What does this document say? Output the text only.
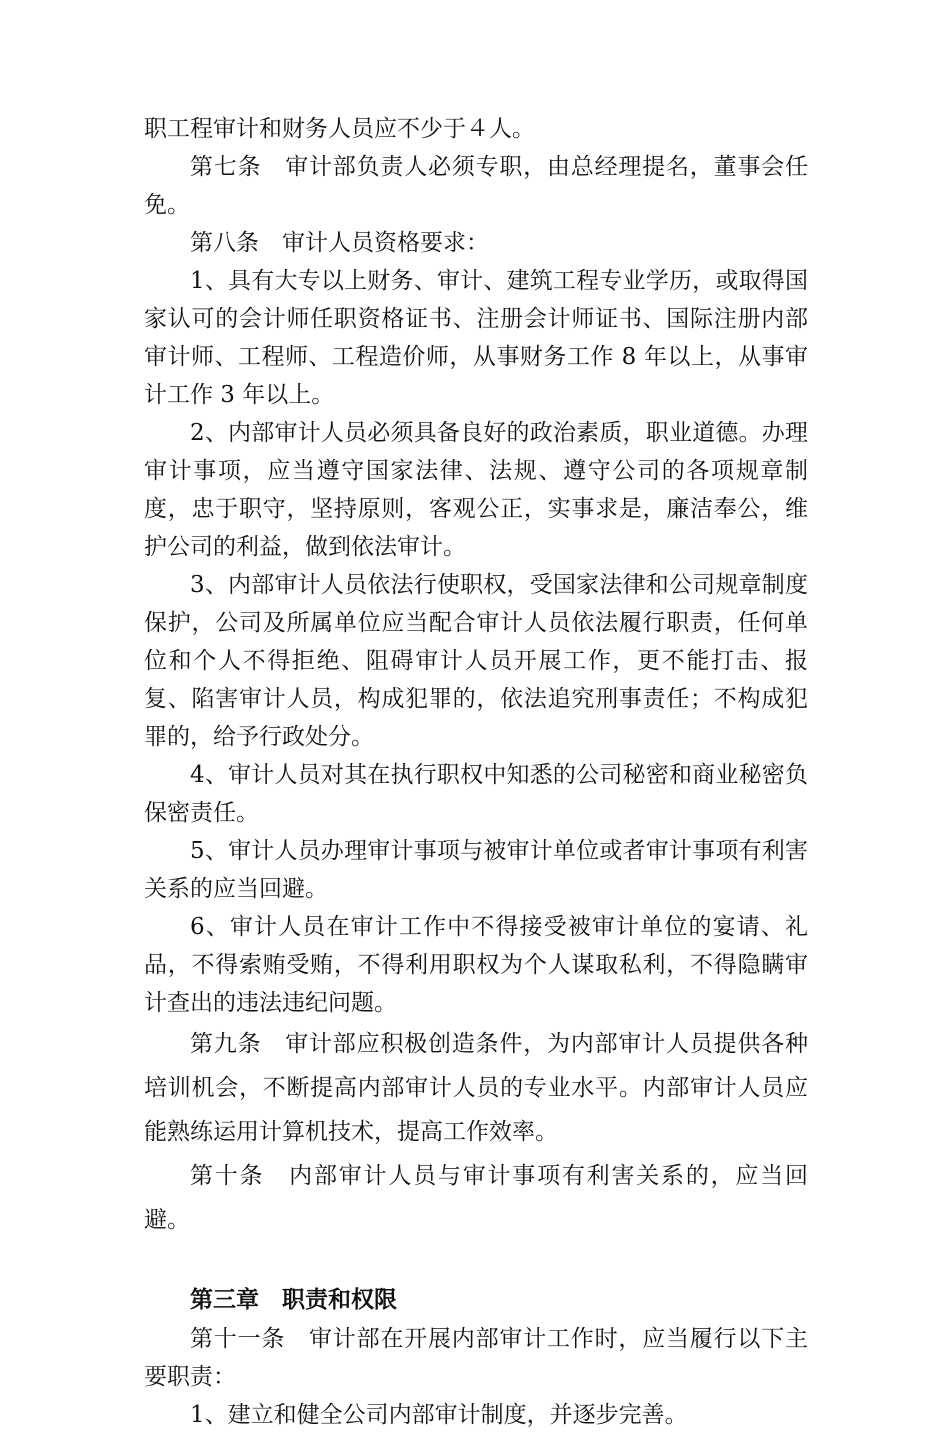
职工程审计和财务人员应不少于４人。

第七条　审计部负责人必须专职，由总经理提名，董事会任免。

第八条　审计人员资格要求：

1、具有大专以上财务、审计、建筑工程专业学历，或取得国家认可的会计师任职资格证书、注册会计师证书、国际注册内部审计师、工程师、工程造价师，从事财务工作 8 年以上，从事审计工作 3 年以上。

2、内部审计人员必须具备良好的政治素质，职业道德。办理审计事项，应当遵守国家法律、法规、遵守公司的各项规章制度，忠于职守，坚持原则，客观公正，实事求是，廉洁奉公，维护公司的利益，做到依法审计。

3、内部审计人员依法行使职权，受国家法律和公司规章制度保护，公司及所属单位应当配合审计人员依法履行职责，任何单位和个人不得拒绝、阻碍审计人员开展工作，更不能打击、报复、陷害审计人员，构成犯罪的，依法追究刑事责任；不构成犯罪的，给予行政处分。

4、审计人员对其在执行职权中知悉的公司秘密和商业秘密负保密责任。

5、审计人员办理审计事项与被审计单位或者审计事项有利害关系的应当回避。

6、审计人员在审计工作中不得接受被审计单位的宴请、礼品，不得索贿受贿，不得利用职权为个人谋取私利，不得隐瞒审计查出的违法违纪问题。

第九条　审计部应积极创造条件，为内部审计人员提供各种培训机会，不断提高内部审计人员的专业水平。内部审计人员应能熟练运用计算机技术，提高工作效率。

第十条　内部审计人员与审计事项有利害关系的，应当回避。

第三章　职责和权限

第十一条　审计部在开展内部审计工作时，应当履行以下主要职责：

1、建立和健全公司内部审计制度，并逐步完善。
